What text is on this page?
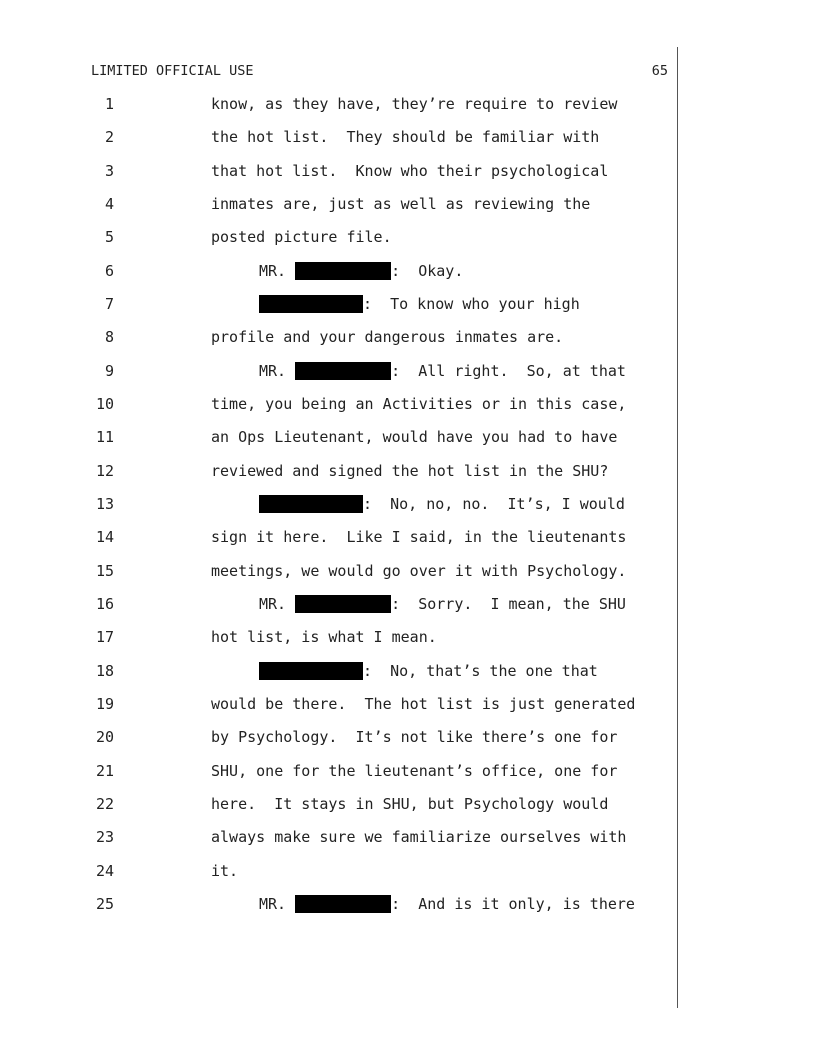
LIMITED OFFICIAL USE	65
1	know, as they have, they’re require to review
2	the hot list.  They should be familiar with
3	that hot list.  Know who their psychological
4	inmates are, just as well as reviewing the
5	posted picture file.
6	MR.	:  Okay.
7	:  To know who your high
8	profile and your dangerous inmates are.
9	MR.	:  All right.  So, at that
10	time, you being an Activities or in this case,
11	an Ops Lieutenant, would have you had to have
12	reviewed and signed the hot list in the SHU?
13	:  No, no, no.  It’s, I would
14	sign it here.  Like I said, in the lieutenants
15	meetings, we would go over it with Psychology.
16	MR.	:  Sorry.  I mean, the SHU
17	hot list, is what I mean.
18	:  No, that’s the one that
19	would be there.  The hot list is just generated
20	by Psychology.  It’s not like there’s one for
21	SHU, one for the lieutenant’s office, one for
22	here.  It stays in SHU, but Psychology would
23	always make sure we familiarize ourselves with
24	it.
25	MR.	:  And is it only, is there
